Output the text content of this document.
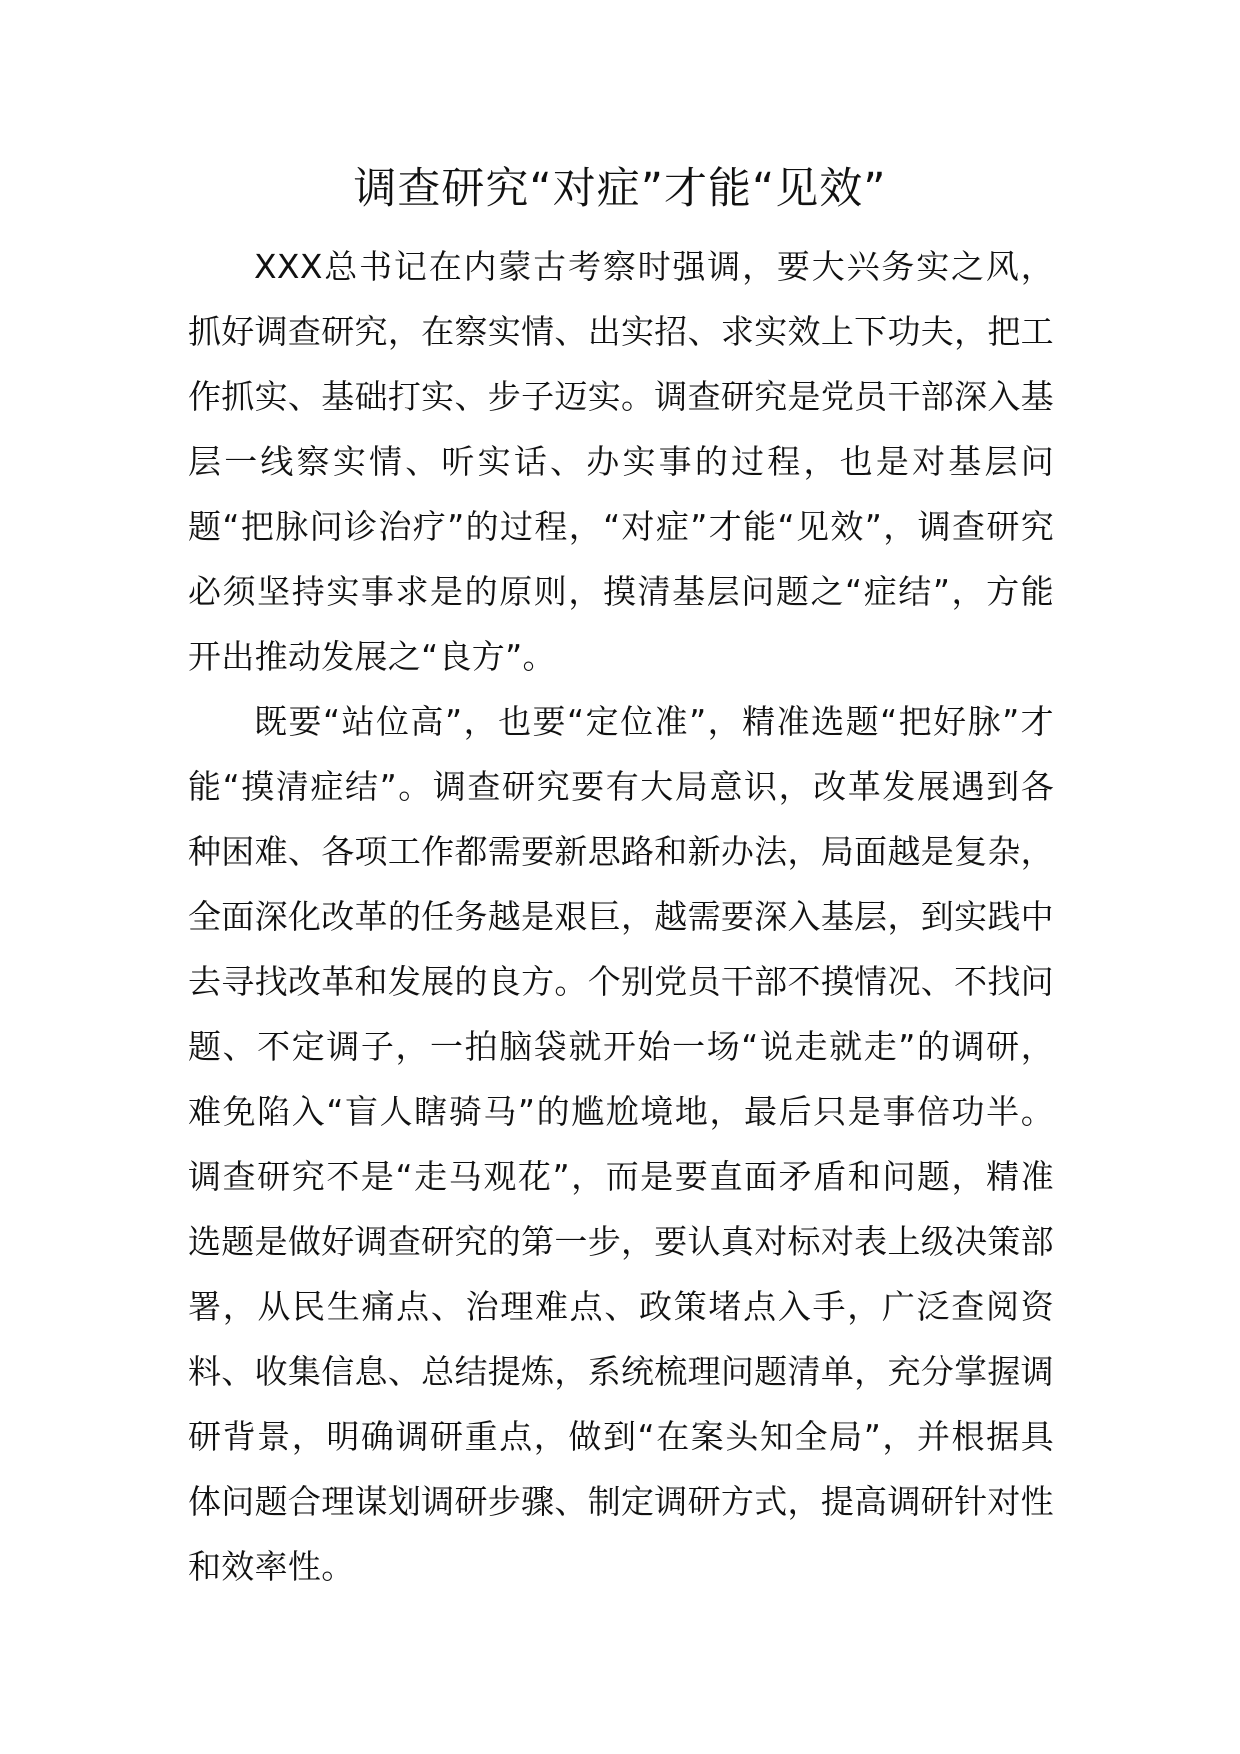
调查研究“对症”才能“见效”

XXX总书记在内蒙古考察时强调，要大兴务实之风，抓好调查研究，在察实情、出实招、求实效上下功夫，把工作抓实、基础打实、步子迈实。调查研究是党员干部深入基层一线察实情、听实话、办实事的过程，也是对基层问题“把脉问诊治疗”的过程，“对症”才能“见效”，调查研究必须坚持实事求是的原则，摸清基层问题之“症结”，方能开出推动发展之“良方”。

既要“站位高”，也要“定位准”，精准选题“把好脉”才能“摸清症结”。调查研究要有大局意识，改革发展遇到各种困难、各项工作都需要新思路和新办法，局面越是复杂，全面深化改革的任务越是艰巨，越需要深入基层，到实践中去寻找改革和发展的良方。个别党员干部不摸情况、不找问题、不定调子，一拍脑袋就开始一场“说走就走”的调研，难免陷入“盲人瞎骑马”的尴尬境地，最后只是事倍功半。调查研究不是“走马观花”，而是要直面矛盾和问题，精准选题是做好调查研究的第一步，要认真对标对表上级决策部署，从民生痛点、治理难点、政策堵点入手，广泛查阅资料、收集信息、总结提炼，系统梳理问题清单，充分掌握调研背景，明确调研重点，做到“在案头知全局”，并根据具体问题合理谋划调研步骤、制定调研方式，提高调研针对性和效率性。
